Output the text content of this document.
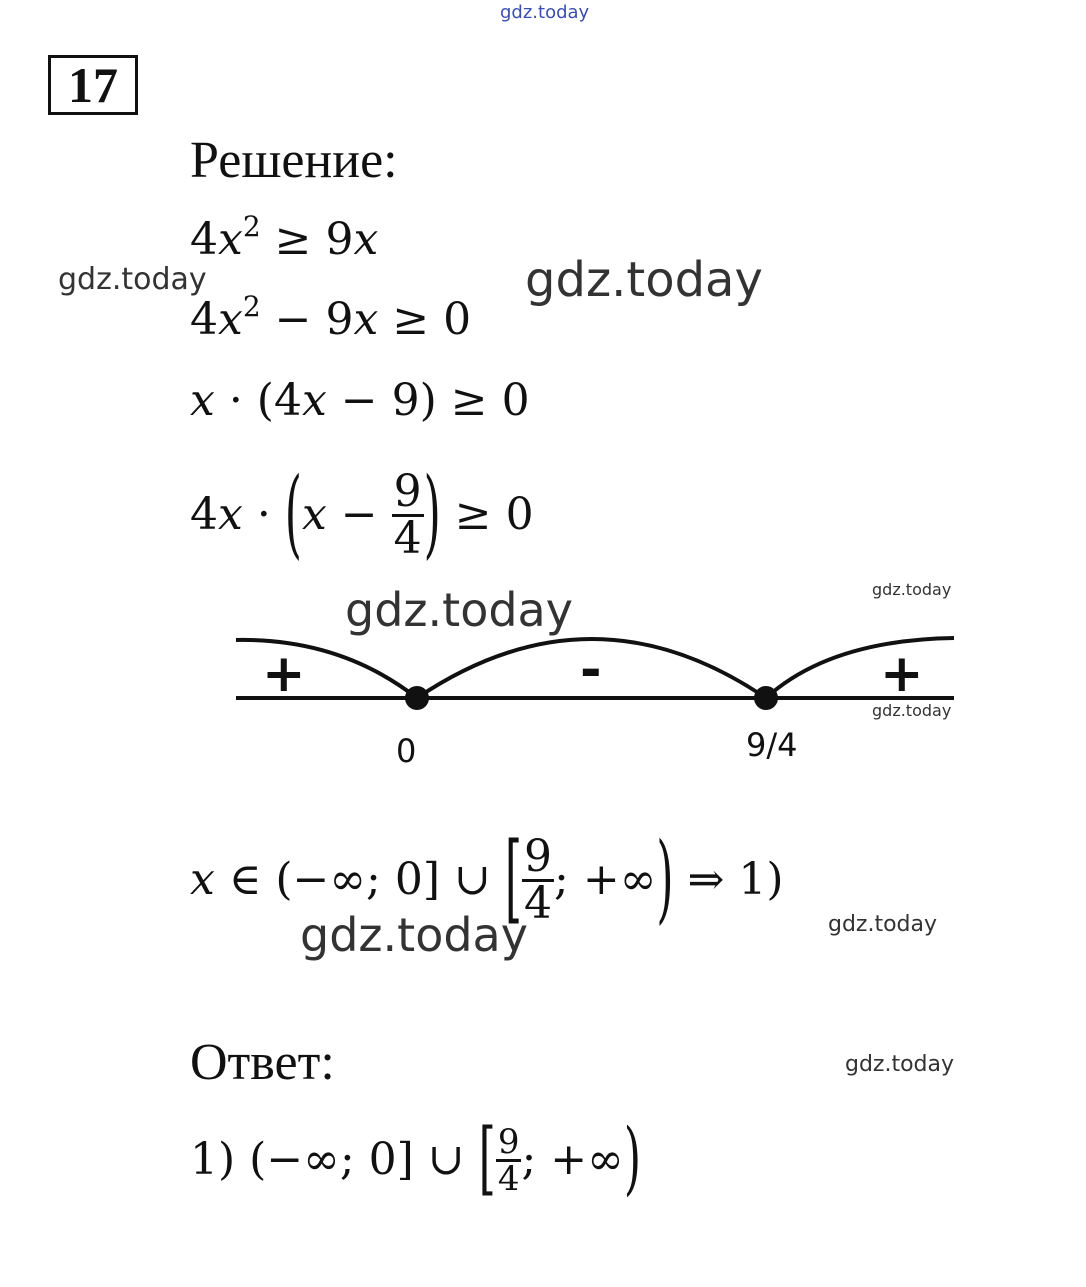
gdz.today
gdz.today	gdz.today
gdz.today	gdz.today
gdz.today
gdz.today	gdz.today
gdz.today
17
Решение:
$4x^2 \ge 9x$
$4x^2 - 9x \ge 0$
x · (4x − 9) ≥ 0
4 x · ( $x - \frac{9}{4}$ ) ≥ 0
+	-	+
0	9/4
x ∈ (−∞; 0] ∪ [ $\frac{9}{4}$ ; +∞ ) ⇒ 1)
Ответ:
1) (−∞; 0] ∪ [ $\frac{9}{4}$ ; +∞ )
